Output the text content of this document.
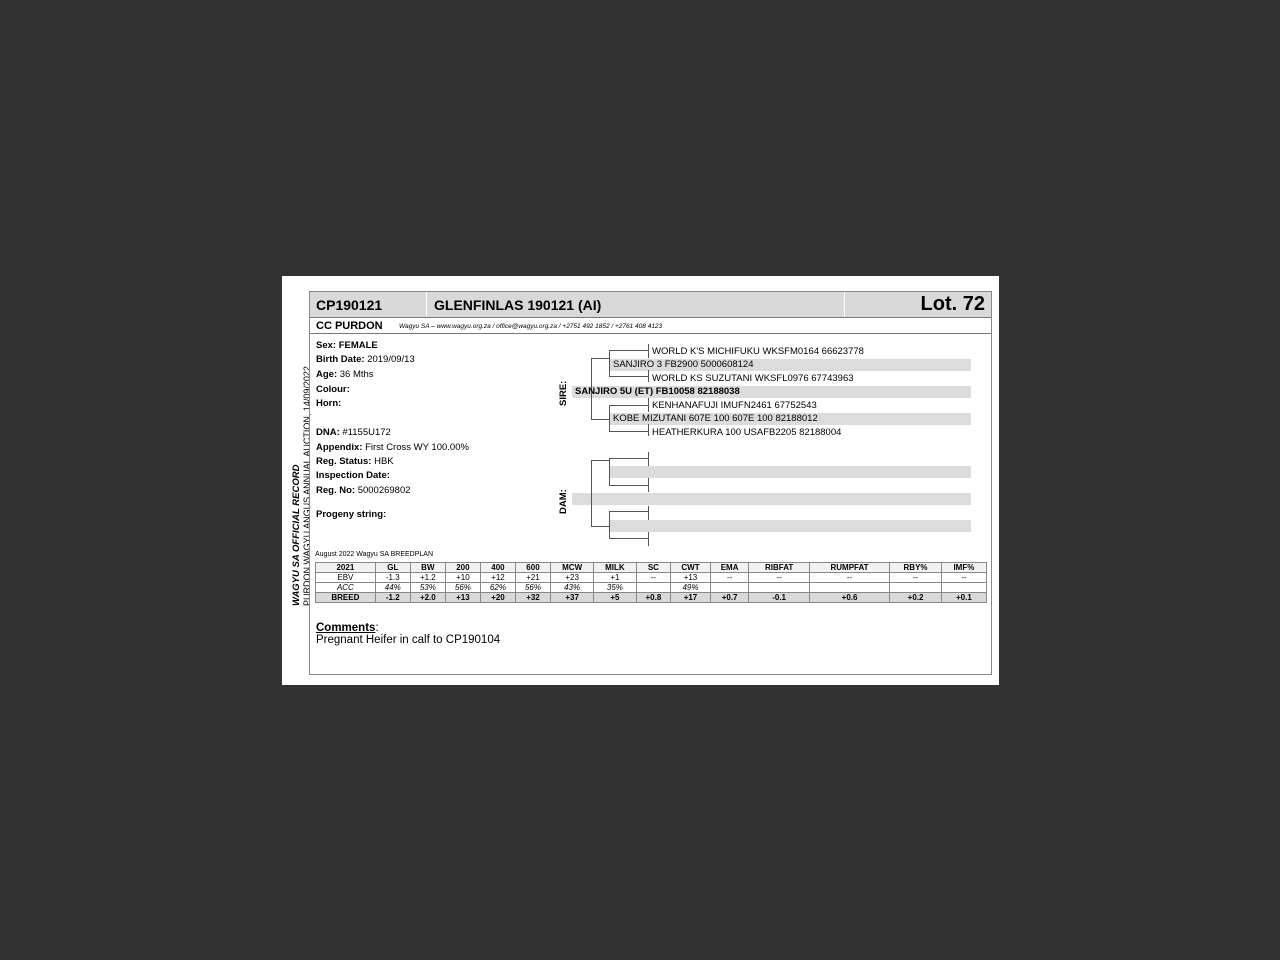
WAGYU SA OFFICIAL RECORD PURDON WAGYU ANGUS ANNUAL AUCTION, 14/09/2022
CP190121	GLENFINLAS 190121 (AI)	Lot. 72
CC PURDON	Wagyu SA – www.wagyu.org.za / office@wagyu.org.za / +2751 492 1852 / +2761 408 4123
Sex: FEMALE
Birth Date: 2019/09/13
Age: 36 Mths
Colour:
Horn:
DNA: #1155U172
Appendix: First Cross WY 100.00%
Reg. Status: HBK
Inspection Date:
Reg. No: 5000269802
Progeny string:
SIRE:
DAM:
WORLD K'S MICHIFUKU WKSFM0164 66623778
SANJIRO 3 FB2900 5000608124
WORLD KS SUZUTANI WKSFL0976 67743963
SANJIRO 5U (ET) FB10058 82188038
KENHANAFUJI IMUFN2461 67752543
KOBE MIZUTANI 607E 100 607E 100 82188012
HEATHERKURA 100 USAFB2205 82188004
August 2022 Wagyu SA BREEDPLAN
2021	GL	BW	200	400	600	MCW	MILK	SC	CWT	EMA	RIBFAT	RUMPFAT	RBY%	IMF%
EBV	-1.3	+1.2	+10	+12	+21	+23	+1	--	+13	--	--	--	--	--
ACC	44%	53%	56%	62%	56%	43%	35%		49%					
BREED	-1.2	+2.0	+13	+20	+32	+37	+5	+0.8	+17	+0.7	-0.1	+0.6	+0.2	+0.1
Comments:
Pregnant Heifer in calf to CP190104
